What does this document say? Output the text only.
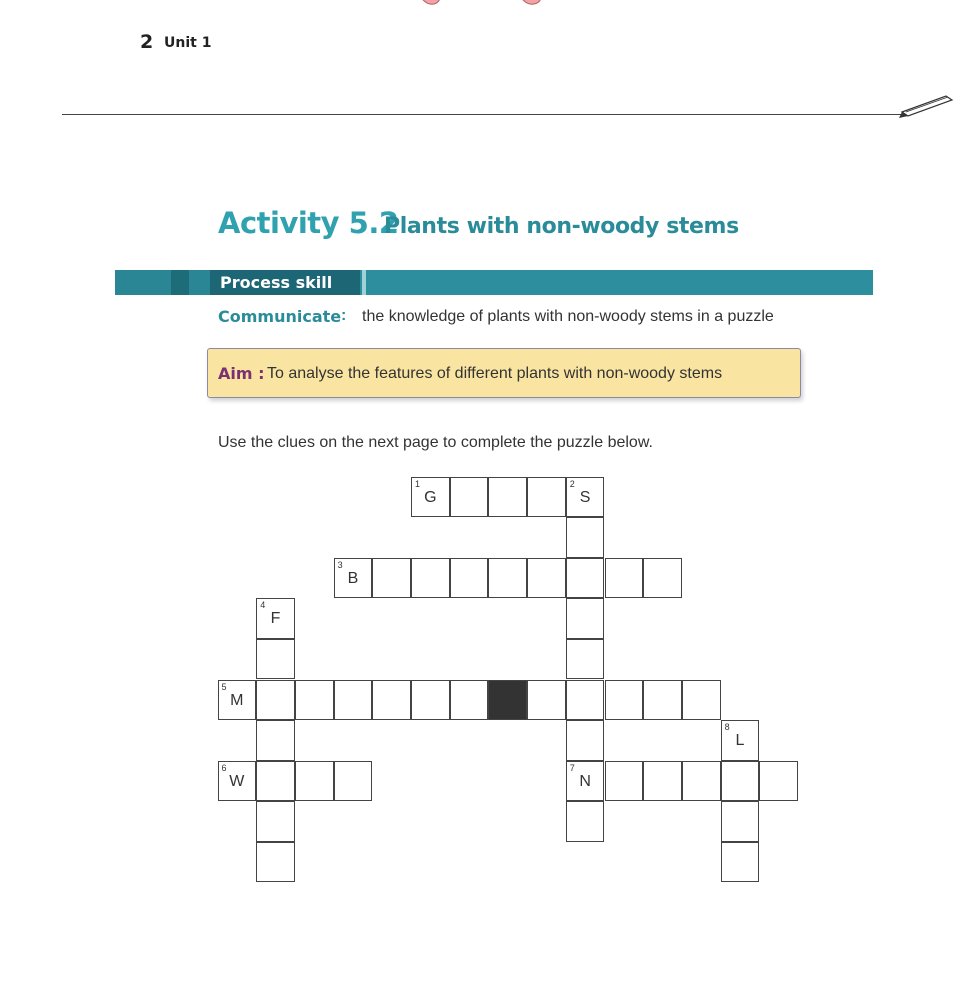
2 Unit 1
Activity 5.2
Plants with non-woody stems
Process skill
Communicate : the knowledge of plants with non-woody stems in a puzzle
Aim : To analyse the features of different plants with non-woody stems
Use the clues on the next page to complete the puzzle below.
1
G
2
S
3
B
4
F
5
M
8
L
6
W
7
N
